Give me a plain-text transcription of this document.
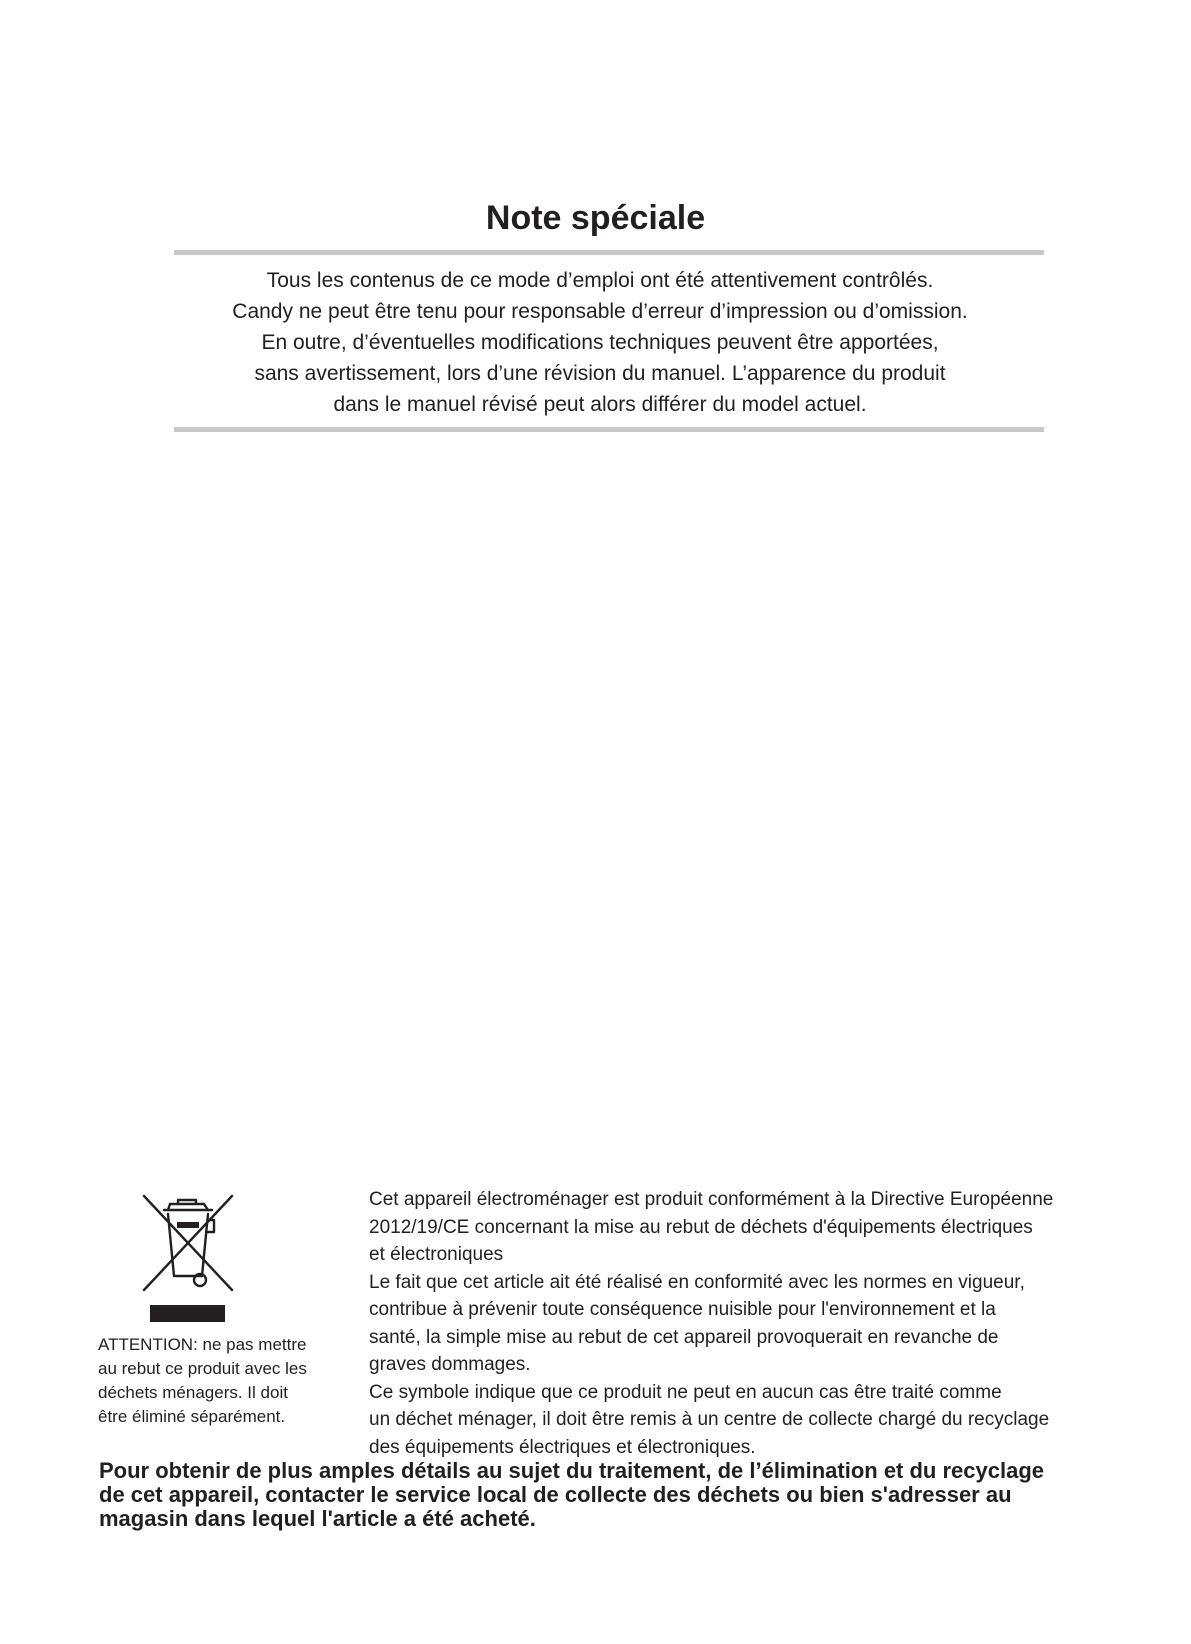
Note spéciale
Tous les contenus de ce mode d’emploi ont été attentivement contrôlés.
Candy ne peut être tenu pour responsable d’erreur d’impression ou d’omission.
En outre, d’éventuelles modifications techniques peuvent être apportées,
sans avertissement, lors d’une révision du manuel. L’apparence du produit
dans le manuel révisé peut alors différer du model actuel.
ATTENTION: ne pas mettre
au rebut ce produit avec les
déchets ménagers. Il doit
être éliminé séparément.
Cet appareil électroménager est produit conformément à la Directive Européenne
2012/19/CE concernant la mise au rebut de déchets d'équipements électriques
et électroniques
Le fait que cet article ait été réalisé en conformité avec les normes en vigueur,
contribue à prévenir toute conséquence nuisible pour l'environnement et la
santé, la simple mise au rebut de cet appareil provoquerait en revanche de
graves dommages.
Ce symbole indique que ce produit ne peut en aucun cas être traité comme
un déchet ménager, il doit être remis à un centre de collecte chargé du recyclage
des équipements électriques et électroniques.
Pour obtenir de plus amples détails au sujet du traitement, de l’élimination et du recyclage
de cet appareil, contacter le service local de collecte des déchets ou bien s'adresser au
magasin dans lequel l'article a été acheté.
